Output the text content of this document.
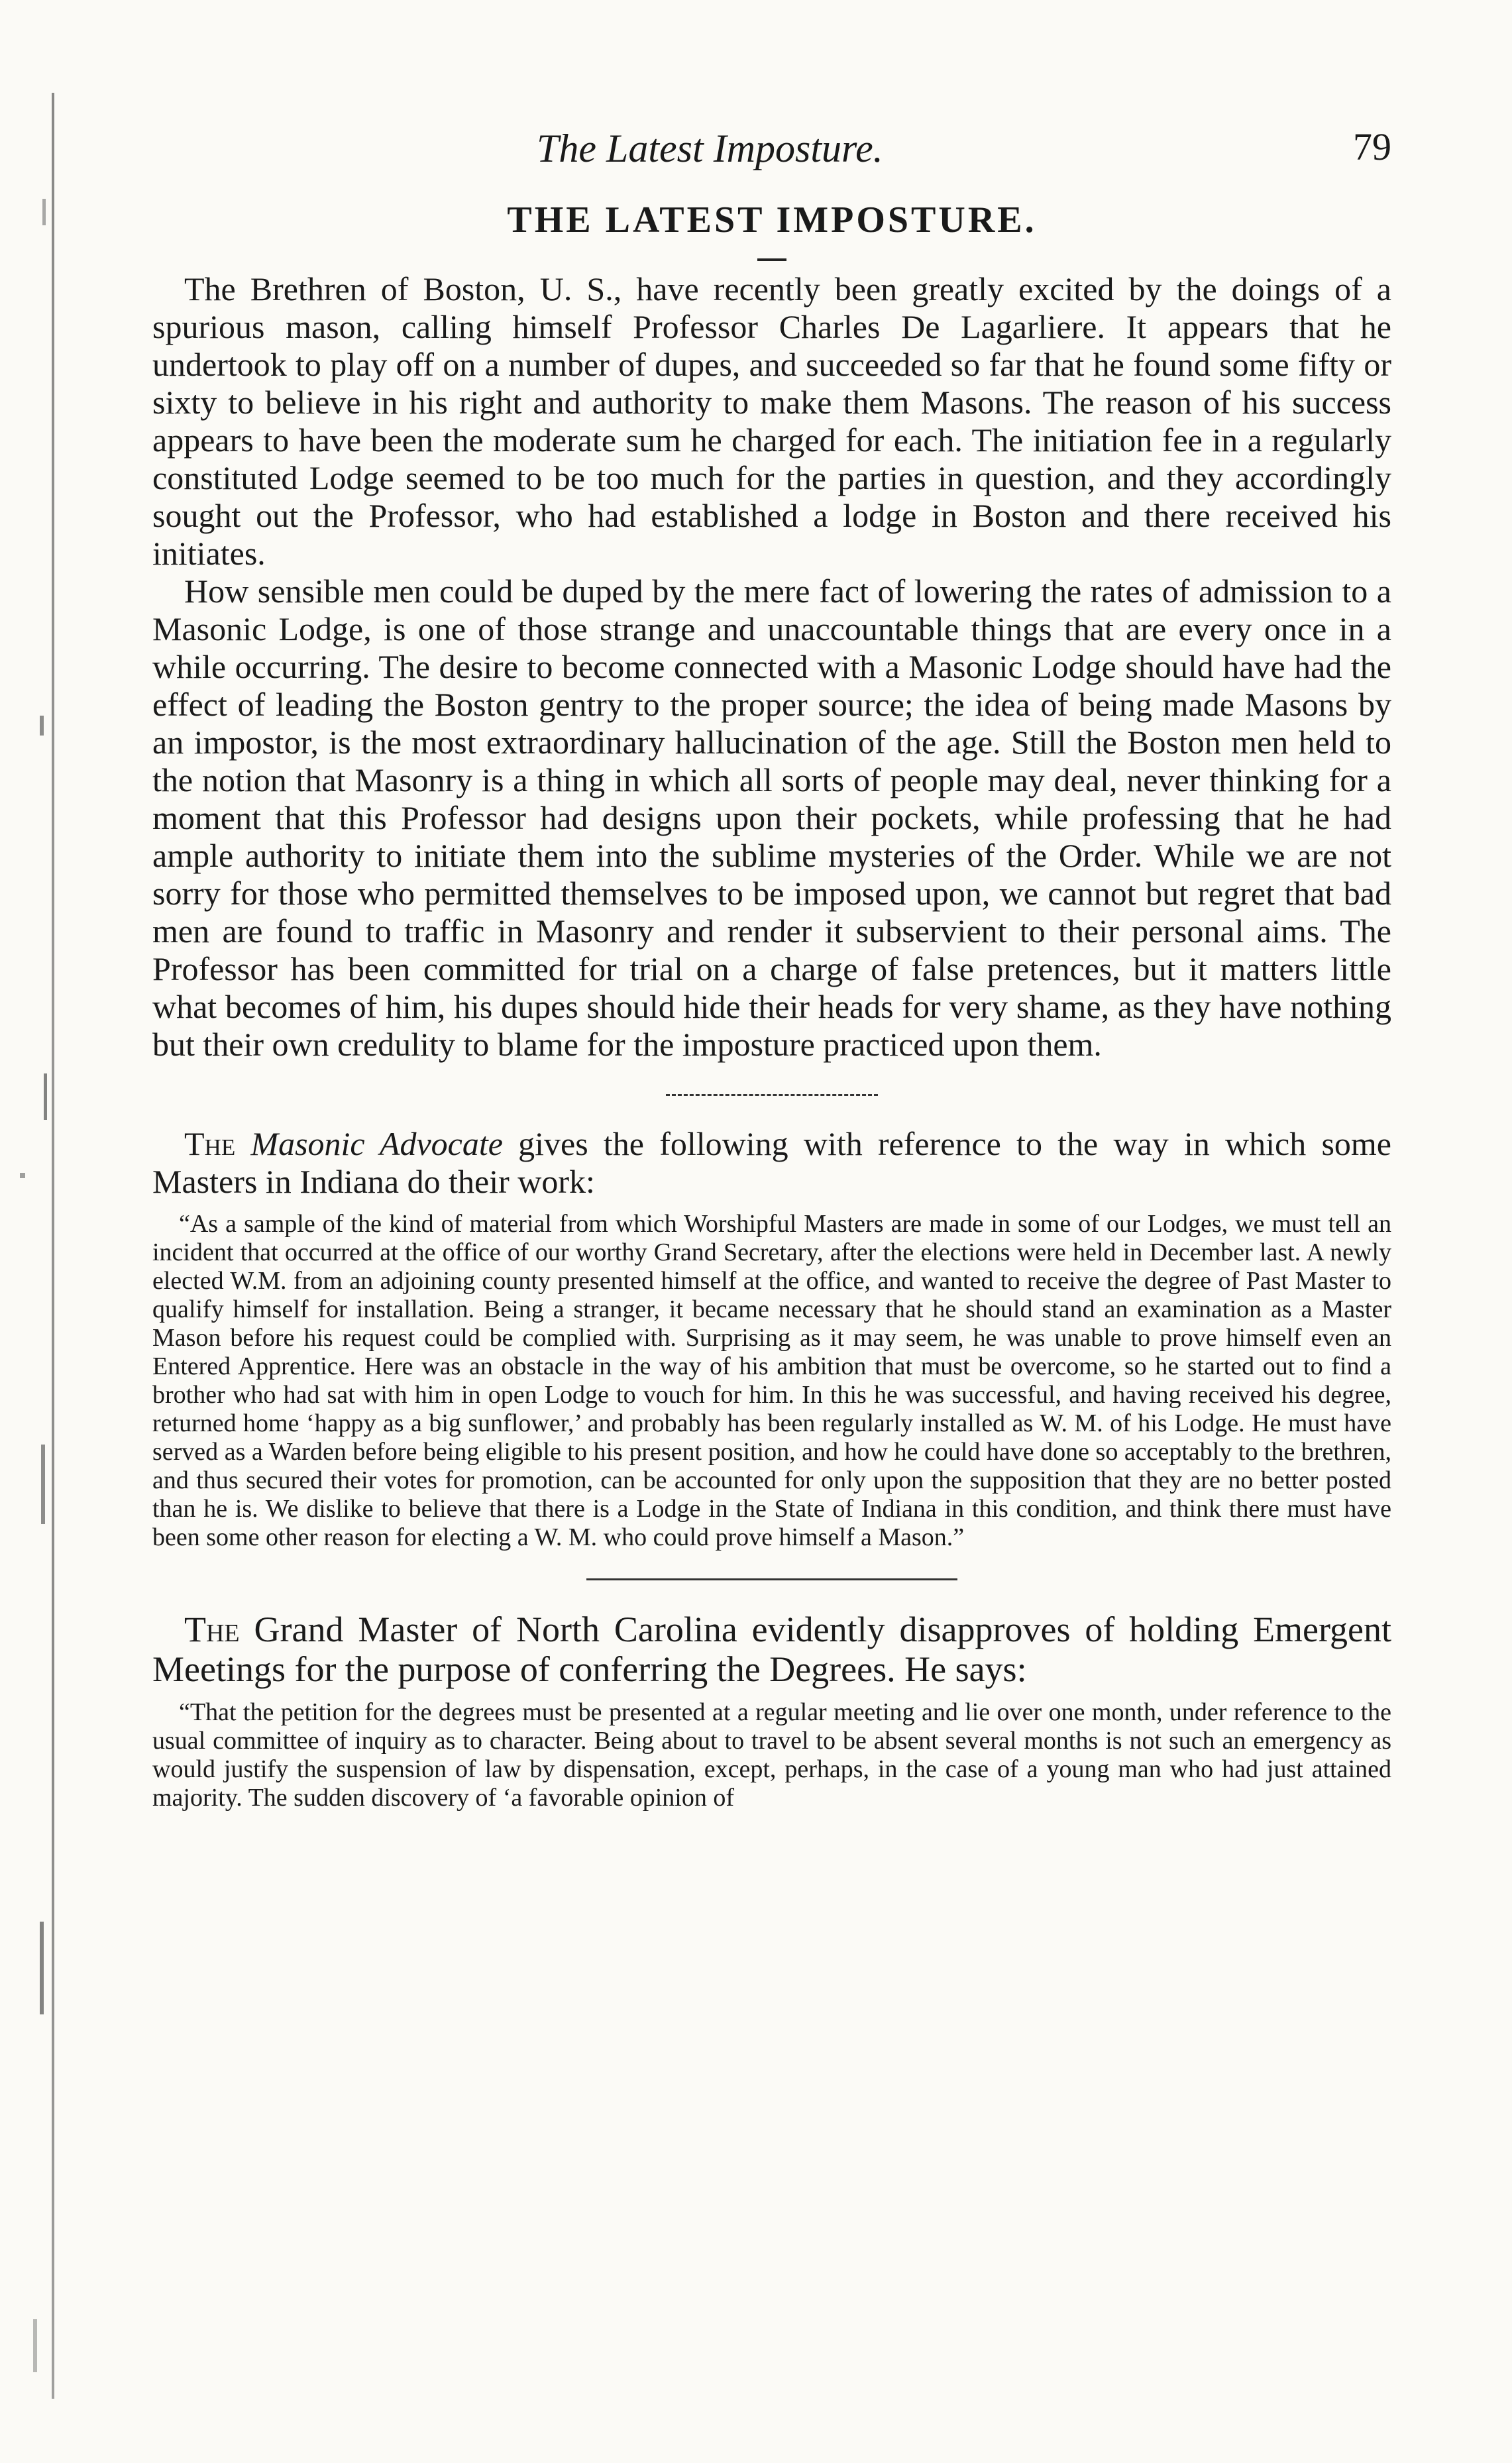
The Latest Imposture.	79
THE LATEST IMPOSTURE.

The Brethren of Boston, U. S., have recently been greatly excited by the doings of a spurious mason, calling himself Professor Charles De Lagarliere. It appears that he undertook to play off on a number of dupes, and succeeded so far that he found some fifty or sixty to believe in his right and authority to make them Masons. The reason of his success appears to have been the moderate sum he charged for each. The initiation fee in a regularly constituted Lodge seemed to be too much for the parties in question, and they accordingly sought out the Professor, who had established a lodge in Boston and there received his initiates.

How sensible men could be duped by the mere fact of lowering the rates of admission to a Masonic Lodge, is one of those strange and unaccountable things that are every once in a while occurring. The desire to become connected with a Masonic Lodge should have had the effect of leading the Boston gentry to the proper source; the idea of being made Masons by an impostor, is the most extraordinary hallucination of the age. Still the Boston men held to the notion that Masonry is a thing in which all sorts of people may deal, never thinking for a moment that this Professor had designs upon their pockets, while professing that he had ample authority to initiate them into the sublime mysteries of the Order. While we are not sorry for those who permitted themselves to be imposed upon, we cannot but regret that bad men are found to traffic in Masonry and render it subservient to their personal aims. The Professor has been committed for trial on a charge of false pretences, but it matters little what becomes of him, his dupes should hide their heads for very shame, as they have nothing but their own credulity to blame for the imposture practiced upon them.

The Masonic Advocate gives the following with reference to the way in which some Masters in Indiana do their work:

“As a sample of the kind of material from which Worshipful Masters are made in some of our Lodges, we must tell an incident that occurred at the office of our worthy Grand Secretary, after the elections were held in December last. A newly elected W.M. from an adjoining county presented himself at the office, and wanted to receive the degree of Past Master to qualify himself for installation. Being a stranger, it became necessary that he should stand an examination as a Master Mason before his request could be complied with. Surprising as it may seem, he was unable to prove himself even an Entered Apprentice. Here was an obstacle in the way of his ambition that must be overcome, so he started out to find a brother who had sat with him in open Lodge to vouch for him. In this he was successful, and having received his degree, returned home ‘happy as a big sunflower,’ and probably has been regularly installed as W. M. of his Lodge. He must have served as a Warden before being eligible to his present position, and how he could have done so acceptably to the brethren, and thus secured their votes for promotion, can be accounted for only upon the supposition that they are no better posted than he is. We dislike to believe that there is a Lodge in the State of Indiana in this condition, and think there must have been some other reason for electing a W. M. who could prove himself a Mason.”

The Grand Master of North Carolina evidently disapproves of holding Emergent Meetings for the purpose of conferring the Degrees. He says:

“That the petition for the degrees must be presented at a regular meeting and lie over one month, under reference to the usual committee of inquiry as to character. Being about to travel to be absent several months is not such an emergency as would justify the suspension of law by dispensation, except, perhaps, in the case of a young man who had just attained majority. The sudden discovery of ‘a favorable opinion of
